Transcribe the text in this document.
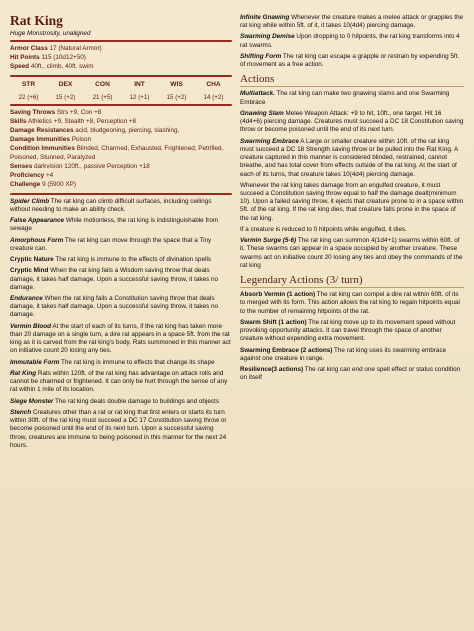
Rat King
Huge Monstrosity, unaligned

Armor Class 17 (Natural Armor)

Hit Points 115 (10d12+50)

Speed 40ft., climb, 40ft. swim

STR	DEX	CON	INT	WIS	CHA
22 (+6)	15 (+2)	21 (+5)	12 (+1)	15 (+2)	14 (+2)

Saving Throws Strs +9, Con +8

Skills Athletics +9, Stealth +8, Perception +8

Damage Resistances acid, bludgeoning, piercing, slashing,

Damage Immunities Poison

Condition Immunities Blinded, Charmed, Exhausted, Frightened, Petrified, Poisoned, Stunned, Paralyzed

Senses darkvision 120ft., passive Perception +18

Proficiency +4

Challenge 9 (5900 XP)

Spider Climb The rat king can climb difficult surfaces, including ceilings without needing to make an ability check.

False Appearance While motionless, the rat king is indistinguishable from sewage

Amorphous Form The rat king can move through the space that a Tiny creature can.

Cryptic Nature The rat king is immune to the effects of divination spells

Cryptic Mind When the rat king fails a Wisdom saving throw that deals damage, it takes half damage. Upon a successful saving throw, it takes no damage.

Endurance When the rat king fails a Constitution saving throw that deals damage, it takes half damage. Upon a successful saving throw, it takes no damage.

Vermin Blood At the start of each of its turns, if the rat king has taken more than 20 damage on a single turn, a dire rat appears in a space 5ft. from the rat king as it is carved from the rat king's body. Rats summoned in this manner act on initiative count 20 losing any ties.

Immutable Form The rat king is immune to effects that change its shape

Rat King Rats within 120ft. of the rat king has advantage on attack rolls and cannot be charmed or frightened. It can only be hurt through the sense of any rat within 1 mile of its location.

Siege Monster The rat king deals double damage to buildings and objects

Stench Creatures other than a rat or rat king that first enters or starts its turn within 30ft. of the rat king must succeed a DC 17 Constitution saving throw or become poisoned until the end of its next turn. Upon a successful saving throw, creatures are immune to being poisoned in this manner for the next 24 hours.

Infinite Gnawing Whenever the creature makes a melee attack or grapples the rat king while within 5ft. of it, it takes 10(4d4) piercing damage.

Swarming Demise Upon dropping to 0 hitpoints, the rat king transforms into 4 rat swarms.

Shifting Form The rat king can escape a grapple or restrain by expending 5ft. of movement as a free action.

Actions

Multiattack. The rat king can make two gnawing slams and one Swarming Embrace

Gnawing Slam Melee Weapon Attack: +9 to hit, 10ft., one target. Hit 16 (4d4+6) piercing damage. Creatures must succeed a DC 18 Constitution saving throw or become poisoned until the end of its next turn.

Swarming Embrace A Large or smaller creature within 10ft. of the rat king must succeed a DC 18 Strength saving throw or be pulled into the Rat King. A creature captured in this manner is considered blinded, restrained, cannot breathe, and has total cover from effects outside of the rat king. At the start of each of its turns, that creature takes 10(4d4) piercing damage.

Whenever the rat king takes damage from an engulfed creature, it must succeed a Constitution saving throw equal to half the damage dealt(minimum 10). Upon a failed saving throw, it ejects that creature prone to in a space within 5ft. of the rat king. If the rat king dies, that creature falls prone in the space of the rat king.

If a creature is reduced to 0 hitpoints while engulfed, it dies.

Vermin Surge (5-6) The rat king can summon 4(1d4+1) swarms within 60ft. of it. These swarms can appear in a space occupied by another creature. These swarms act on initiative count 20 losing any ties and obey the commands of the rat king

Legendary Actions (3/ turn)

Absorb Vermin (1 action) The rat king can compel a dire rat within 60ft. of its to merged with its form. This action allows the rat king to regain hitpoints equal to the number of remaining hitpoints of the rat.

Swarm Shift (1 action) The rat king move up to its movement speed without provoking opportunity attacks. It can travel through the space of another creature without expending extra movement.

Swarming Embrace (2 actions) The rat king uses its swarming embrace against one creature in range.

Resilience(3 actions) The rat king can end one spell effect or status condition on itself
